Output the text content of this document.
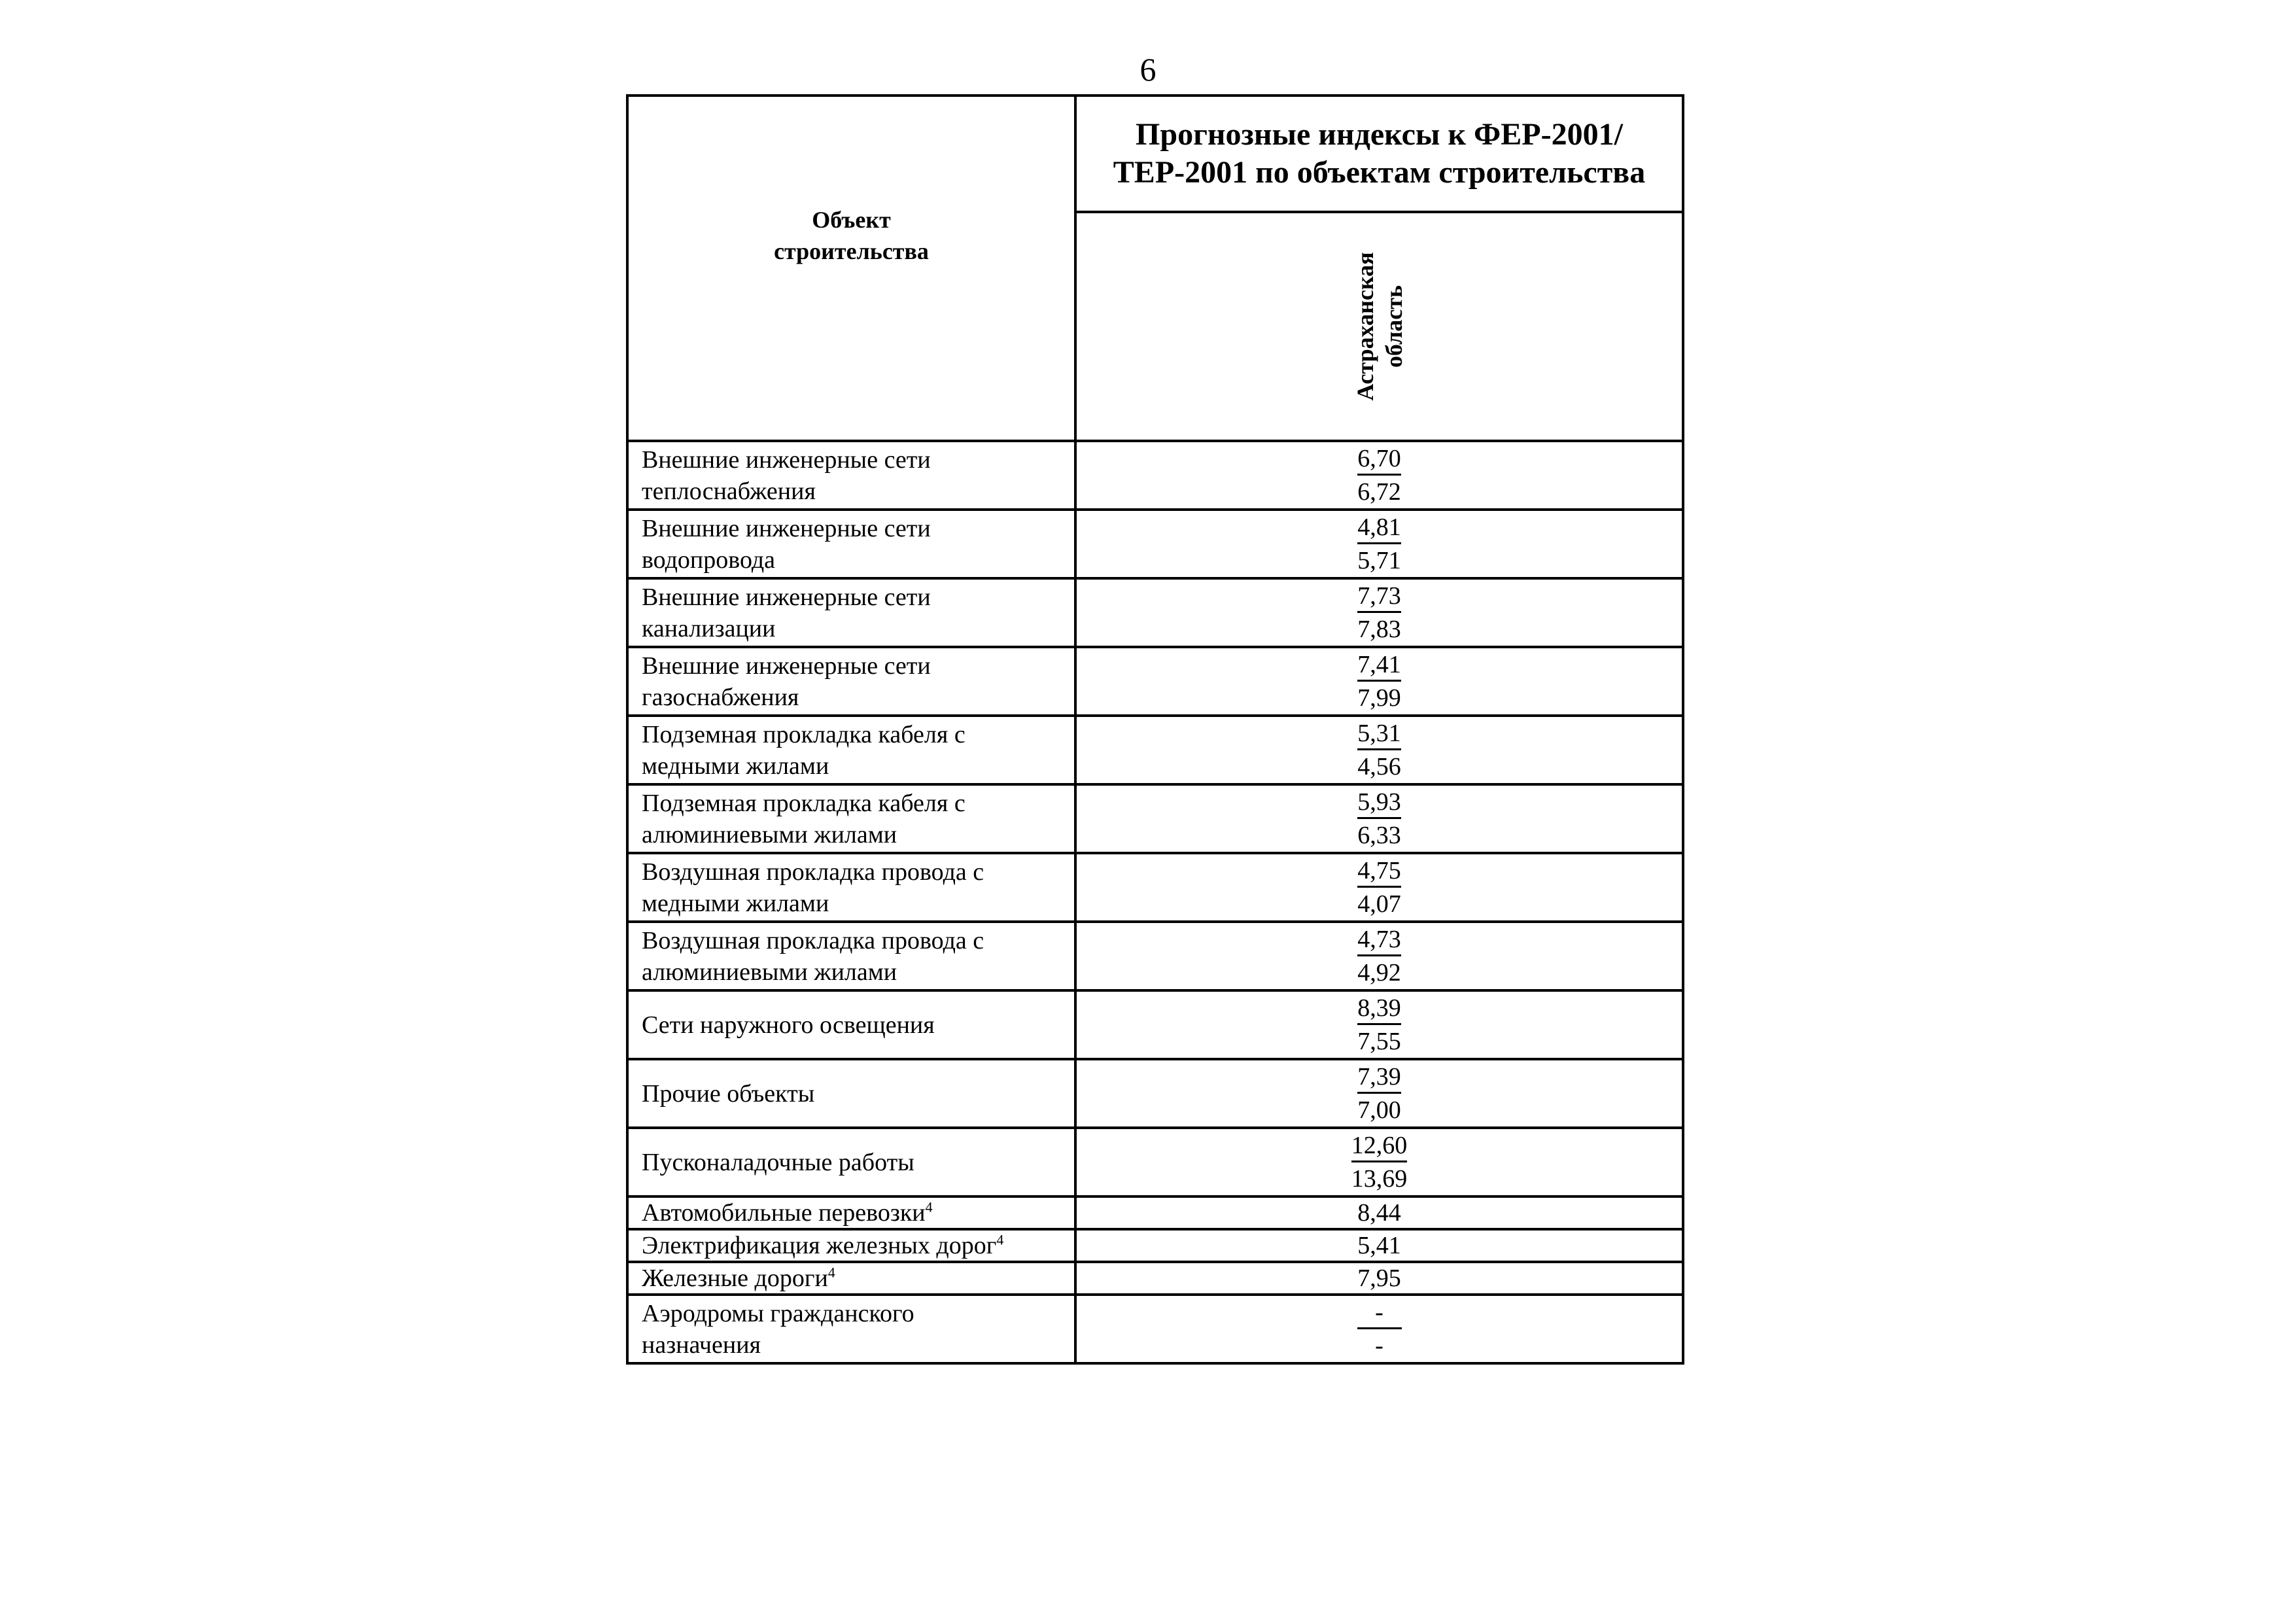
6
Объект
строительства	Прогнозные индексы к ФЕР-2001/ТЕР-2001 по объектам строительства

	Астраханская область

Внешние инженерные сети
теплоснабжения	6,70
6,72

Внешние инженерные сети
водопровода	4,81
5,71

Внешние инженерные сети
канализации	7,73
7,83

Внешние инженерные сети
газоснабжения	7,41
7,99

Подземная прокладка кабеля с
медными жилами	5,31
4,56

Подземная прокладка кабеля с
алюминиевыми жилами	5,93
6,33

Воздушная прокладка провода с
медными жилами	4,75
4,07

Воздушная прокладка провода с
алюминиевыми жилами	4,73
4,92

Сети наружного освещения	8,39
7,55

Прочие объекты	7,39
7,00

Пусконаладочные работы	12,60
13,69

Автомобильные перевозки$^4$	8,44
Электрификация железных дорог$^4$	5,41
Железные дороги$^4$	7,95

Аэродромы гражданского
назначения	-
-
